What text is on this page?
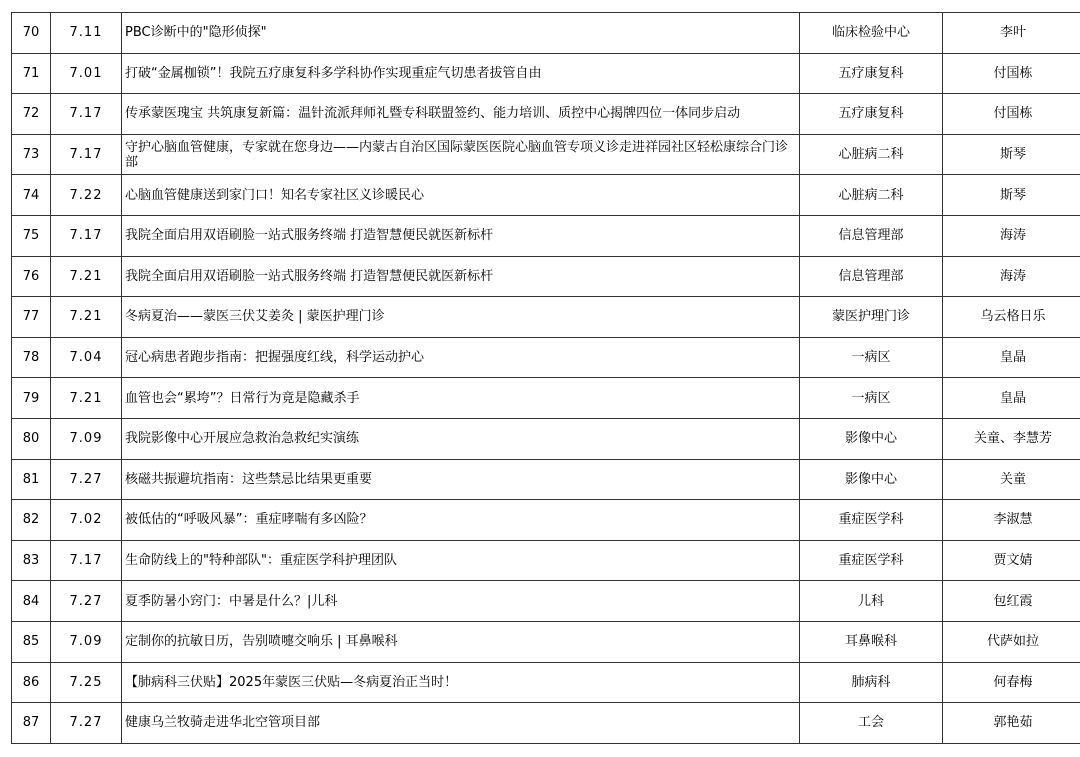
70	7.11	PBC诊断中的"隐形侦探"	临床检验中心	李叶
71	7.01	打破“金属枷锁”！我院五疗康复科多学科协作实现重症气切患者拔管自由	五疗康复科	付国栋
72	7.17	传承蒙医瑰宝 共筑康复新篇：温针流派拜师礼暨专科联盟签约、能力培训、质控中心揭牌四位一体同步启动	五疗康复科	付国栋
73	7.17	守护心脑血管健康，专家就在您身边——内蒙古自治区国际蒙医医院心脑血管专项义诊走进祥园社区轻松康综合门诊部	心脏病二科	斯琴
74	7.22	心脑血管健康送到家门口！知名专家社区义诊暖民心	心脏病二科	斯琴
75	7.17	我院全面启用双语刷脸一站式服务终端 打造智慧便民就医新标杆	信息管理部	海涛
76	7.21	我院全面启用双语刷脸一站式服务终端 打造智慧便民就医新标杆	信息管理部	海涛
77	7.21	冬病夏治——蒙医三伏艾姜灸 | 蒙医护理门诊	蒙医护理门诊	乌云格日乐
78	7.04	冠心病患者跑步指南：把握强度红线，科学运动护心	一病区	皇晶
79	7.21	血管也会“累垮”？日常行为竟是隐藏杀手	一病区	皇晶
80	7.09	我院影像中心开展应急救治急救纪实演练	影像中心	关童、李慧芳
81	7.27	核磁共振避坑指南：这些禁忌比结果更重要	影像中心	关童
82	7.02	被低估的“呼吸风暴”：重症哮喘有多凶险？	重症医学科	李淑慧
83	7.17	生命防线上的"特种部队"：重症医学科护理团队	重症医学科	贾文婧
84	7.27	夏季防暑小窍门：中暑是什么？|儿科	儿科	包红霞
85	7.09	定制你的抗敏日历，告别喷嚏交响乐 | 耳鼻喉科	耳鼻喉科	代萨如拉
86	7.25	【肺病科三伏贴】2025年蒙医三伏贴—冬病夏治正当时！	肺病科	何春梅
87	7.27	健康乌兰牧骑走进华北空管项目部	工会	郭艳茹
